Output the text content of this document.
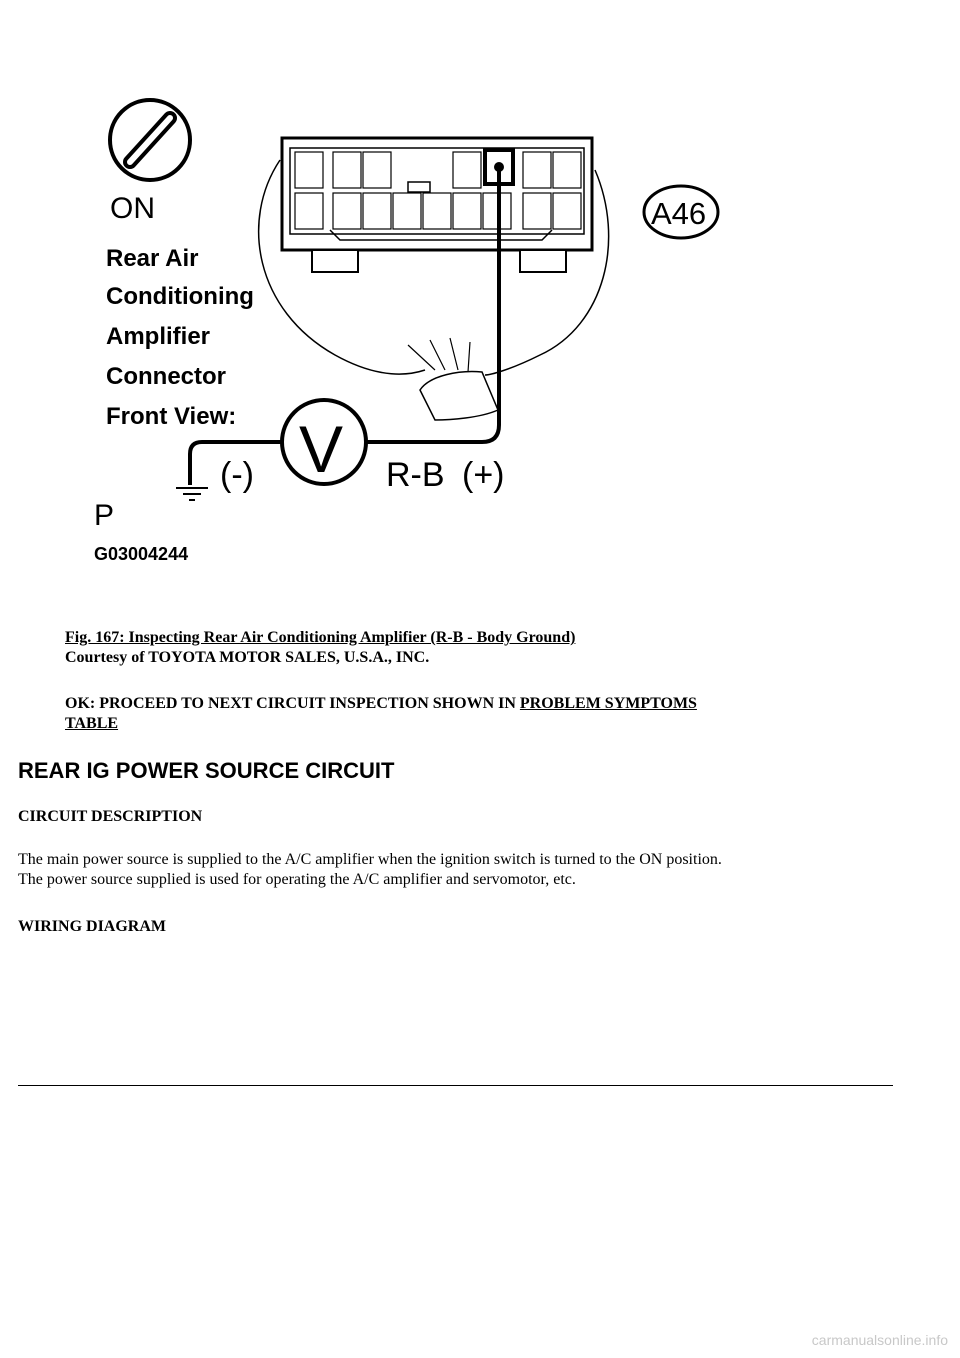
ON
Rear Air
Conditioning
Amplifier
Connector
Front View:
A46
V
(-)	R-B (+)
P
G03004244
Fig. 167: Inspecting Rear Air Conditioning Amplifier (R-B - Body Ground)
Courtesy of TOYOTA MOTOR SALES, U.S.A., INC.
OK: PROCEED TO NEXT CIRCUIT INSPECTION SHOWN IN PROBLEM SYMPTOMS
TABLE
REAR IG POWER SOURCE CIRCUIT
CIRCUIT DESCRIPTION
The main power source is supplied to the A/C amplifier when the ignition switch is turned to the ON position.
The power source supplied is used for operating the A/C amplifier and servomotor, etc.
WIRING DIAGRAM
carmanualsonline.info
